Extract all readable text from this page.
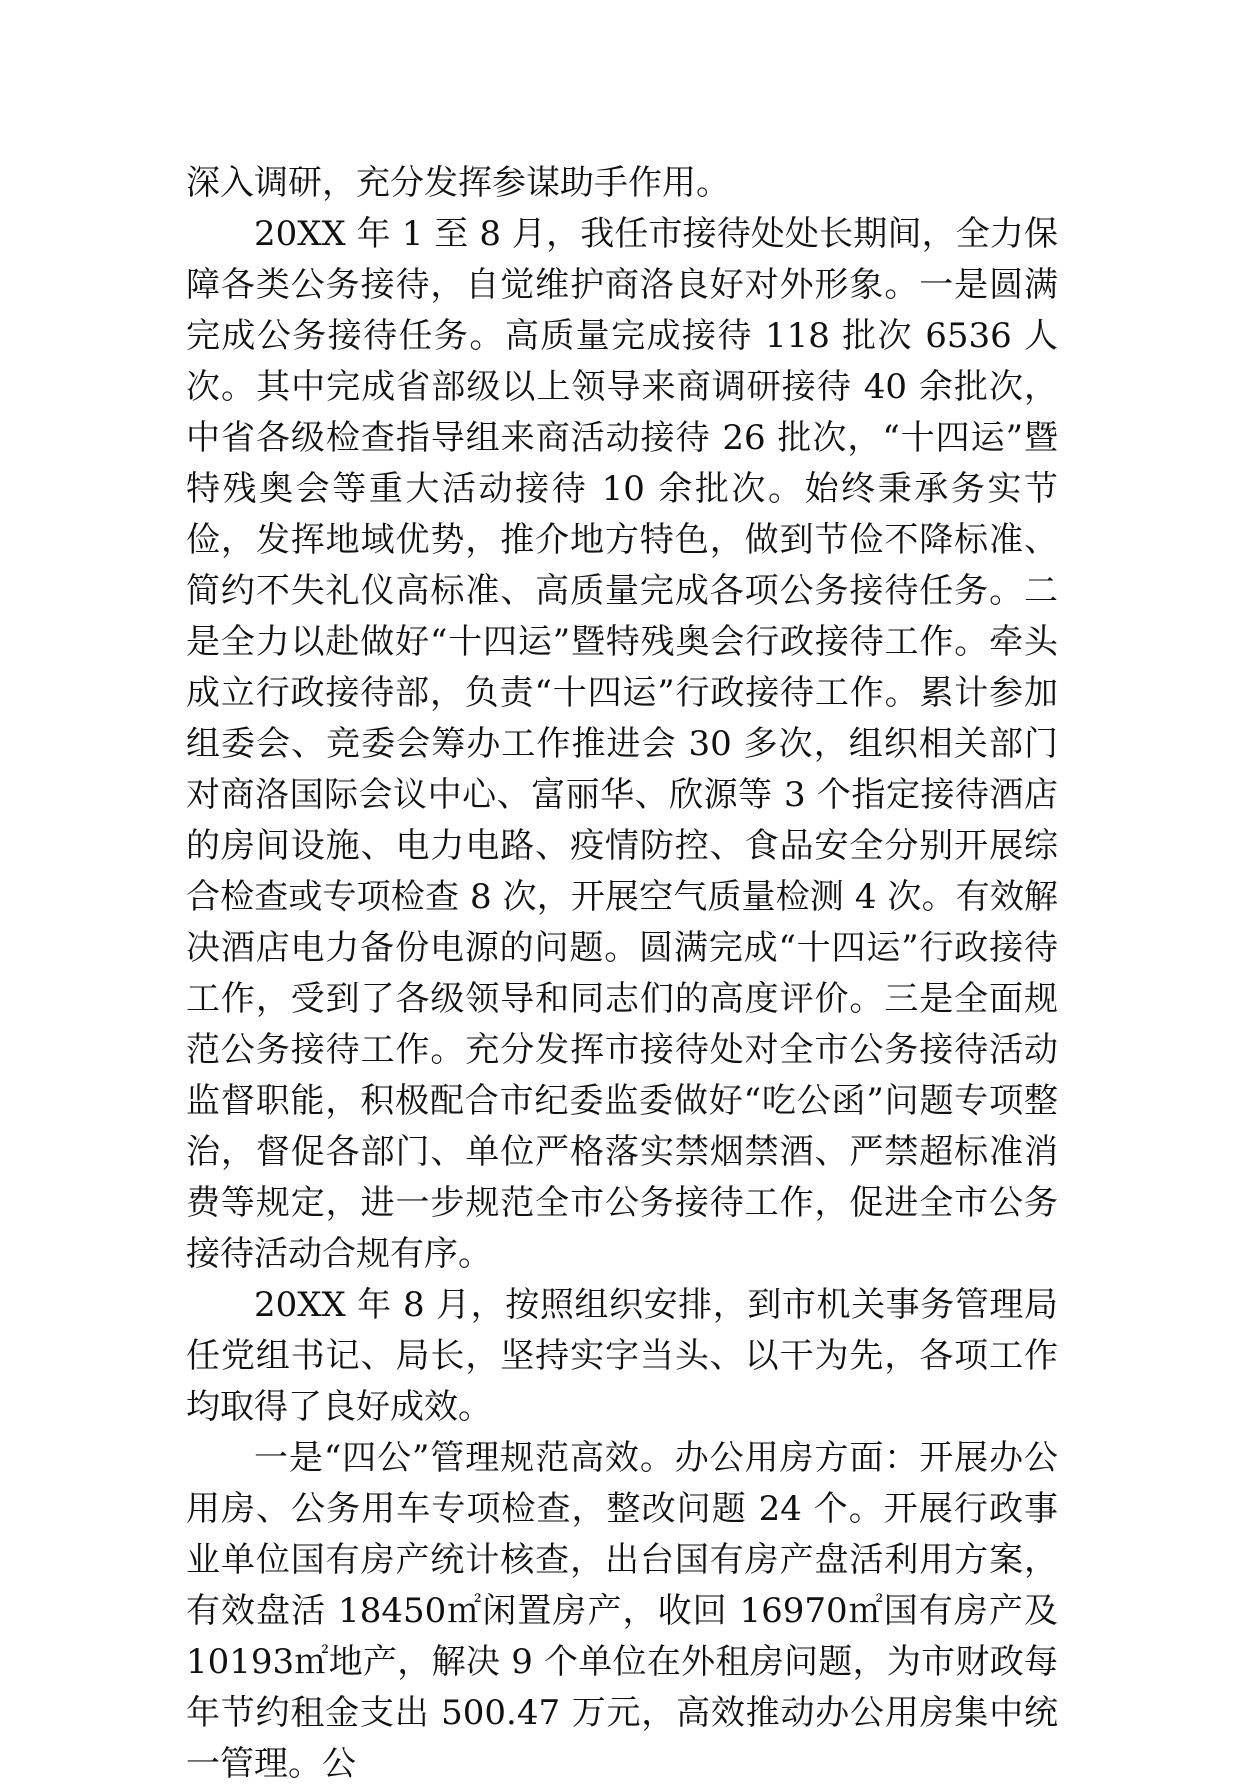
深入调研，充分发挥参谋助手作用。

20XX 年 1 至 8 月，我任市接待处处长期间，全力保障各类公务接待，自觉维护商洛良好对外形象。一是圆满完成公务接待任务。高质量完成接待 118 批次 6536 人次。其中完成省部级以上领导来商调研接待 40 余批次，中省各级检查指导组来商活动接待 26 批次，“十四运”暨特残奥会等重大活动接待 10 余批次。始终秉承务实节俭，发挥地域优势，推介地方特色，做到节俭不降标准、简约不失礼仪高标准、高质量完成各项公务接待任务。二是全力以赴做好“十四运”暨特残奥会行政接待工作。牵头成立行政接待部，负责“十四运”行政接待工作。累计参加组委会、竞委会筹办工作推进会 30 多次，组织相关部门对商洛国际会议中心、富丽华、欣源等 3 个指定接待酒店的房间设施、电力电路、疫情防控、食品安全分别开展综合检查或专项检查 8 次，开展空气质量检测 4 次。有效解决酒店电力备份电源的问题。圆满完成“十四运”行政接待工作，受到了各级领导和同志们的高度评价。三是全面规范公务接待工作。充分发挥市接待处对全市公务接待活动监督职能，积极配合市纪委监委做好“吃公函”问题专项整治，督促各部门、单位严格落实禁烟禁酒、严禁超标准消费等规定，进一步规范全市公务接待工作，促进全市公务接待活动合规有序。

20XX 年 8 月，按照组织安排，到市机关事务管理局任党组书记、局长，坚持实字当头、以干为先，各项工作均取得了良好成效。

一是“四公”管理规范高效。办公用房方面：开展办公用房、公务用车专项检查，整改问题 24 个。开展行政事业单位国有房产统计核查，出台国有房产盘活利用方案，有效盘活 18450㎡闲置房产，收回 16970㎡国有房产及 10193㎡地产，解决 9 个单位在外租房问题，为市财政每年节约租金支出 500.47 万元，高效推动办公用房集中统一管理。公
